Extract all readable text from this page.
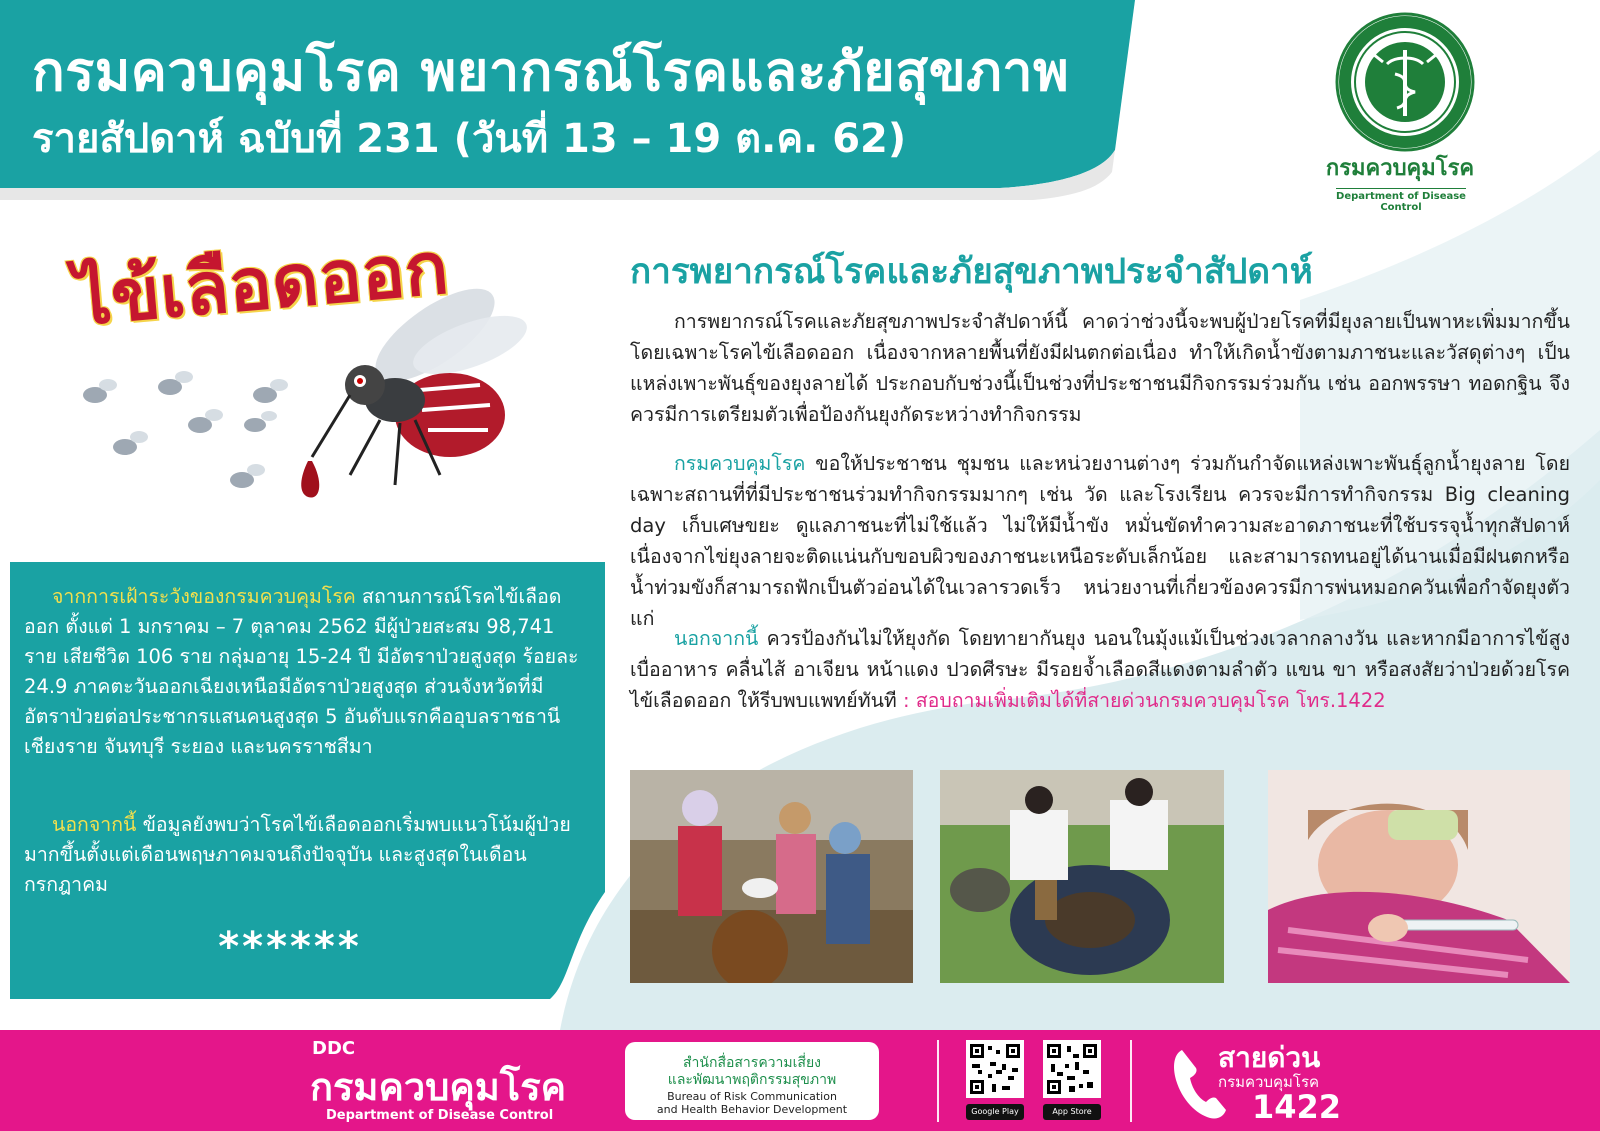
กรมควบคุมโรค พยากรณ์โรคและภัยสุขภาพ
รายสัปดาห์ ฉบับที่ 231 (วันที่ 13 – 19 ต.ค. 62)
กรมควบคุมโรค
Department of Disease Control
ไข้เลือดออก

จากการเฝ้าระวังของกรมควบคุมโรค สถานการณ์โรคไข้เลือดออก ตั้งแต่ 1 มกราคม – 7 ตุลาคม 2562 มีผู้ป่วยสะสม 98,741 ราย เสียชีวิต 106 ราย กลุ่มอายุ 15-24 ปี มีอัตราป่วยสูงสุด ร้อยละ 24.9 ภาคตะวันออกเฉียงเหนือมีอัตราป่วยสูงสุด ส่วนจังหวัดที่มีอัตราป่วยต่อประชากรแสนคนสูงสุด 5 อันดับแรกคืออุบลราชธานี เชียงราย จันทบุรี ระยอง และนครราชสีมา

นอกจากนี้ ข้อมูลยังพบว่าโรคไข้เลือดออกเริ่มพบแนวโน้มผู้ป่วยมากขึ้นตั้งแต่เดือนพฤษภาคมจนถึงปัจจุบัน และสูงสุดในเดือนกรกฎาคม

******
การพยากรณ์โรคและภัยสุขภาพประจำสัปดาห์

การพยากรณ์โรคและภัยสุขภาพประจำสัปดาห์นี้ คาดว่าช่วงนี้จะพบผู้ป่วยโรคที่มียุงลายเป็นพาหะเพิ่มมากขึ้น โดยเฉพาะโรคไข้เลือดออก เนื่องจากหลายพื้นที่ยังมีฝนตกต่อเนื่อง ทำให้เกิดน้ำขังตามภาชนะและวัสดุต่างๆ เป็นแหล่งเพาะพันธุ์ของยุงลายได้ ประกอบกับช่วงนี้เป็นช่วงที่ประชาชนมีกิจกรรมร่วมกัน เช่น ออกพรรษา ทอดกฐิน จึงควรมีการเตรียมตัวเพื่อป้องกันยุงกัดระหว่างทำกิจกรรม

กรมควบคุมโรค ขอให้ประชาชน ชุมชน และหน่วยงานต่างๆ ร่วมกันกำจัดแหล่งเพาะพันธุ์ลูกน้ำยุงลาย โดยเฉพาะสถานที่ที่มีประชาชนร่วมทำกิจกรรมมากๆ เช่น วัด และโรงเรียน ควรจะมีการทำกิจกรรม Big cleaning day เก็บเศษขยะ ดูแลภาชนะที่ไม่ใช้แล้ว ไม่ให้มีน้ำขัง หมั่นขัดทำความสะอาดภาชนะที่ใช้บรรจุน้ำทุกสัปดาห์ เนื่องจากไข่ยุงลายจะติดแน่นกับขอบผิวของภาชนะเหนือระดับเล็กน้อย และสามารถทนอยู่ได้นานเมื่อมีฝนตกหรือน้ำท่วมขังก็สามารถฟักเป็นตัวอ่อนได้ในเวลารวดเร็ว หน่วยงานที่เกี่ยวข้องควรมีการพ่นหมอกควันเพื่อกำจัดยุงตัวแก่

นอกจากนี้ ควรป้องกันไม่ให้ยุงกัด โดยทายากันยุง นอนในมุ้งแม้เป็นช่วงเวลากลางวัน และหากมีอาการไข้สูง เบื่ออาหาร คลื่นไส้ อาเจียน หน้าแดง ปวดศีรษะ มีรอยจ้ำเลือดสีแดงตามลำตัว แขน ขา หรือสงสัยว่าป่วยด้วยโรคไข้เลือดออก ให้รีบพบแพทย์ทันที : สอบถามเพิ่มเติมได้ที่สายด่วนกรมควบคุมโรค โทร.1422

DDC
กรมควบคุมโรค
Department of Disease Control
สำนักสื่อสารความเสี่ยง
และพัฒนาพฤติกรรมสุขภาพ
Bureau of Risk Communication
and Health Behavior Development	Google Play	App Store
สายด่วน
กรมควบคุมโรค
1422
